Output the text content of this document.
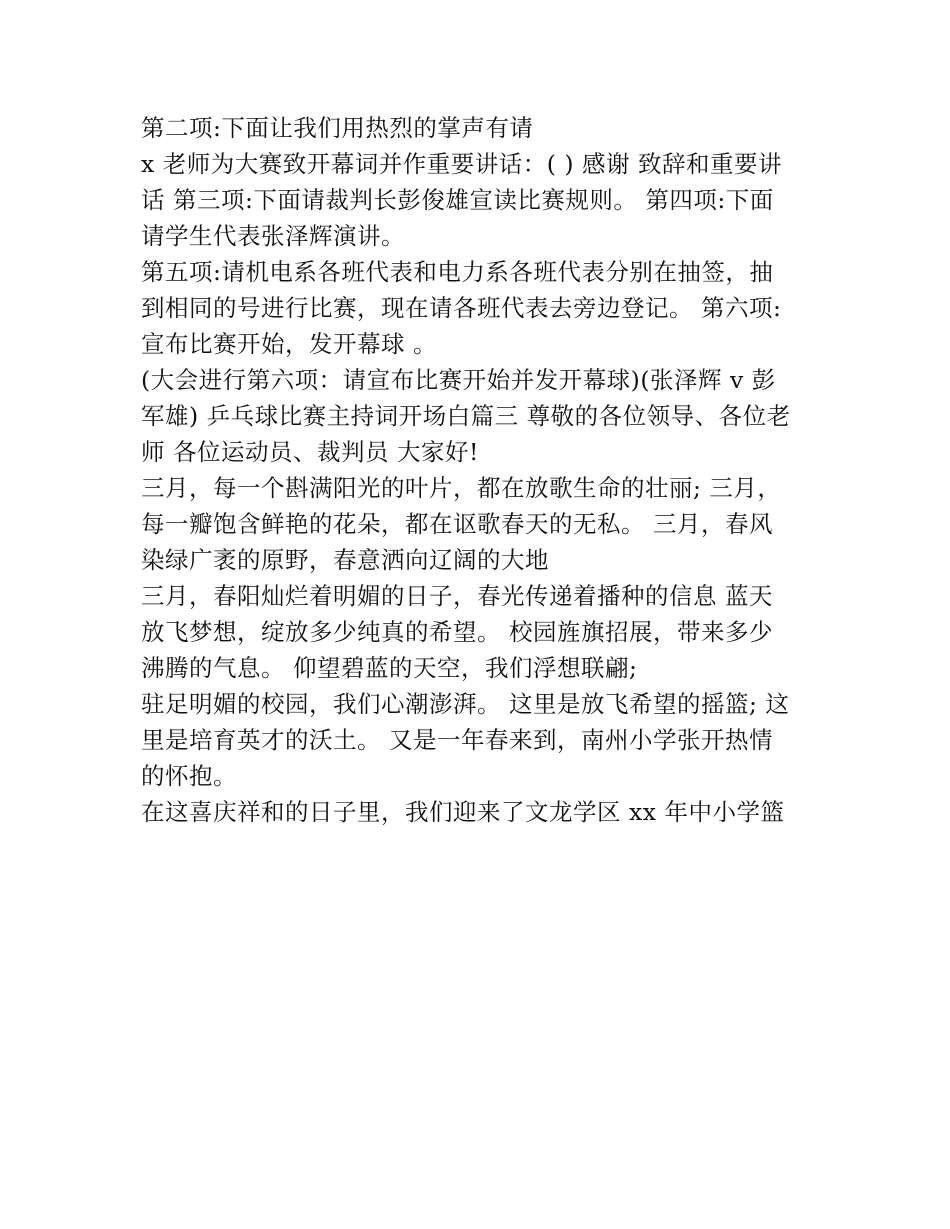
第二项:下面让我们用热烈的掌声有请

x 老师为大赛致开幕词并作重要讲话：( ) 感谢 致辞和重要讲
话 第三项:下面请裁判长彭俊雄宣读比赛规则。 第四项:下面
请学生代表张泽辉演讲。

第五项:请机电系各班代表和电力系各班代表分别在抽签，抽
到相同的号进行比赛，现在请各班代表去旁边登记。 第六项:
宣布比赛开始，发开幕球 。

(大会进行第六项：请宣布比赛开始并发开幕球)(张泽辉 v 彭
军雄) 乒乓球比赛主持词开场白篇三 尊敬的各位领导、各位老
师 各位运动员、裁判员 大家好!

三月，每一个斟满阳光的叶片，都在放歌生命的壮丽; 三月，
每一瓣饱含鲜艳的花朵，都在讴歌春天的无私。 三月，春风
染绿广袤的原野，春意洒向辽阔的大地

三月，春阳灿烂着明媚的日子，春光传递着播种的信息 蓝天
放飞梦想，绽放多少纯真的希望。 校园旌旗招展，带来多少
沸腾的气息。 仰望碧蓝的天空，我们浮想联翩;

驻足明媚的校园，我们心潮澎湃。 这里是放飞希望的摇篮; 这
里是培育英才的沃土。 又是一年春来到，南州小学张开热情
的怀抱。

在这喜庆祥和的日子里，我们迎来了文龙学区 xx 年中小学篮
